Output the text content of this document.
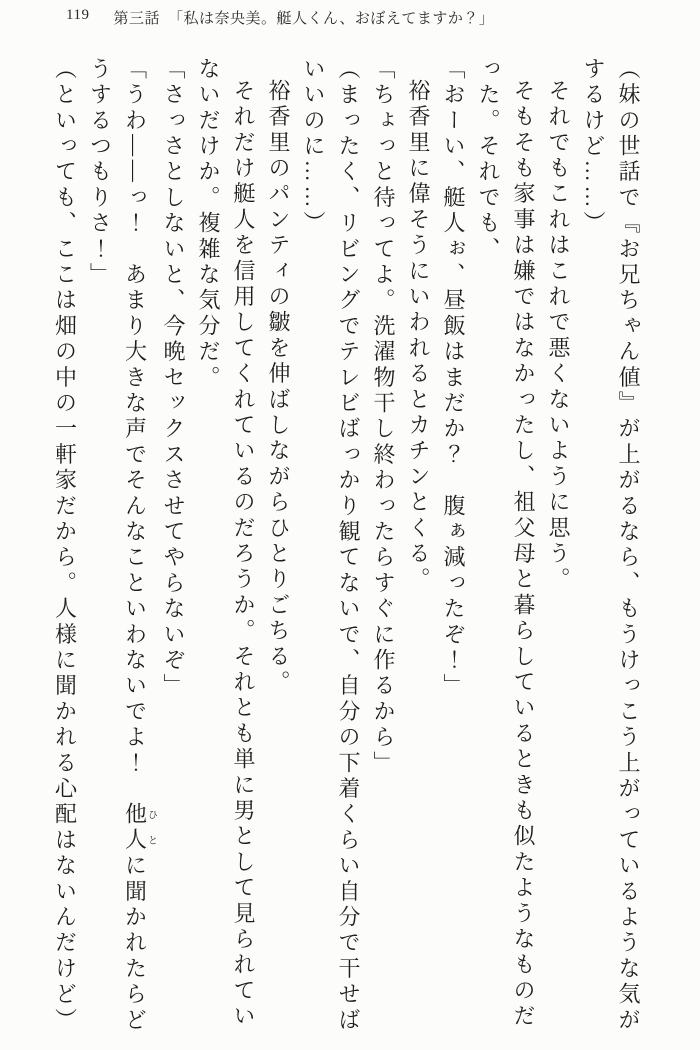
119 第三話　「私は奈央美。艇人くん、おぼえてますか？」

（妹の世話で『お兄ちゃん値』が上がるなら、もうけっこう上がっているような気がするけど……）

それでもこれはこれで悪くないように思う。

そもそも家事は嫌ではなかったし、祖父母と暮らしているときも似たようなものだった。それでも、

「おーい、艇人ぉ、昼飯はまだか？　腹ぁ減ったぞ！」

裕香里に偉そうにいわれるとカチンとくる。

「ちょっと待ってよ。洗濯物干し終わったらすぐに作るから」

（まったく、リビングでテレビばっかり観てないで、自分の下着くらい自分で干せばいいのに……）

裕香里のパンティの皺を伸ばしながらひとりごちる。

それだけ艇人を信用してくれているのだろうか。それとも単に男として見られていないだけか。複雑な気分だ。

「さっさとしないと、今晩セックスさせてやらないぞ」

「うわ――っ！　あまり大きな声でそんなこといわないでよ！　他人ひとに聞かれたらどうするつもりさ！」

（といっても、ここは畑の中の一軒家だから。人様に聞かれる心配はないんだけど）
